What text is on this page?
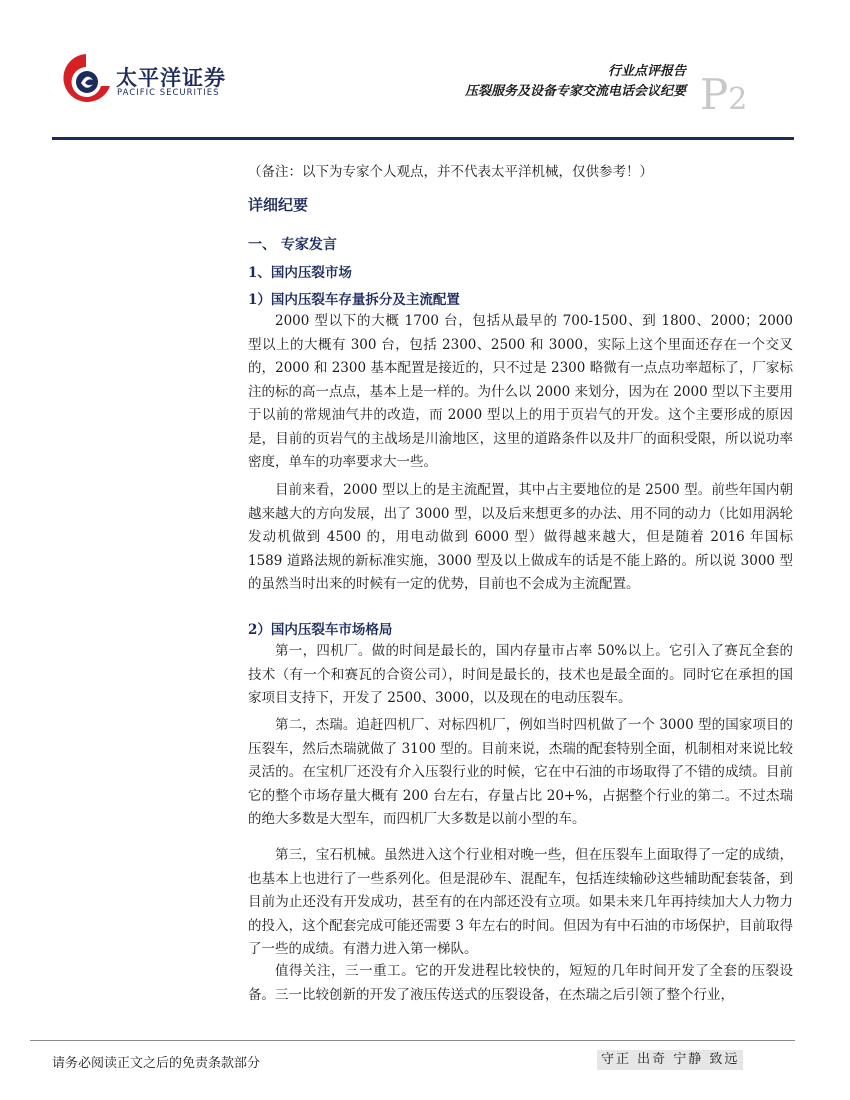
太平洋证券
PACIFIC SECURITIES
行业点评报告
压裂服务及设备专家交流电话会议纪要 P2
（备注：以下为专家个人观点，并不代表太平洋机械，仅供参考！）
详细纪要
一、 专家发言
1、国内压裂市场
1）国内压裂车存量拆分及主流配置

2000 型以下的大概 1700 台，包括从最早的 700-1500、到 1800、2000；2000 型以上的大概有 300 台，包括 2300、2500 和 3000，实际上这个里面还存在一个交叉的，2000 和 2300 基本配置是接近的，只不过是 2300 略微有一点点功率超标了，厂家标注的标的高一点点，基本上是一样的。为什么以 2000 来划分，因为在 2000 型以下主要用于以前的常规油气井的改造，而 2000 型以上的用于页岩气的开发。这个主要形成的原因是，目前的页岩气的主战场是川渝地区，这里的道路条件以及井厂的面积受限，所以说功率密度，单车的功率要求大一些。

目前来看，2000 型以上的是主流配置，其中占主要地位的是 2500 型。前些年国内朝越来越大的方向发展，出了 3000 型，以及后来想更多的办法、用不同的动力（比如用涡轮发动机做到 4500 的，用电动做到 6000 型）做得越来越大，但是随着 2016 年国标 1589 道路法规的新标准实施，3000 型及以上做成车的话是不能上路的。所以说 3000 型的虽然当时出来的时候有一定的优势，目前也不会成为主流配置。

2）国内压裂车市场格局

第一，四机厂。做的时间是最长的，国内存量市占率 50%以上。它引入了赛瓦全套的技术（有一个和赛瓦的合资公司），时间是最长的，技术也是最全面的。同时它在承担的国家项目支持下，开发了 2500、3000，以及现在的电动压裂车。

第二，杰瑞。追赶四机厂、对标四机厂，例如当时四机做了一个 3000 型的国家项目的压裂车，然后杰瑞就做了 3100 型的。目前来说，杰瑞的配套特别全面，机制相对来说比较灵活的。在宝机厂还没有介入压裂行业的时候，它在中石油的市场取得了不错的成绩。目前它的整个市场存量大概有 200 台左右，存量占比 20+%，占据整个行业的第二。不过杰瑞的绝大多数是大型车，而四机厂大多数是以前小型的车。

第三，宝石机械。虽然进入这个行业相对晚一些，但在压裂车上面取得了一定的成绩，也基本上也进行了一些系列化。但是混砂车、混配车，包括连续输砂这些辅助配套装备，到目前为止还没有开发成功，甚至有的在内部还没有立项。如果未来几年再持续加大人力物力的投入，这个配套完成可能还需要 3 年左右的时间。但因为有中石油的市场保护，目前取得了一些的成绩。有潜力进入第一梯队。

值得关注，三一重工。它的开发进程比较快的，短短的几年时间开发了全套的压裂设备。三一比较创新的开发了液压传送式的压裂设备，在杰瑞之后引领了整个行业，

请务必阅读正文之后的免责条款部分	守正 出奇 宁静 致远
